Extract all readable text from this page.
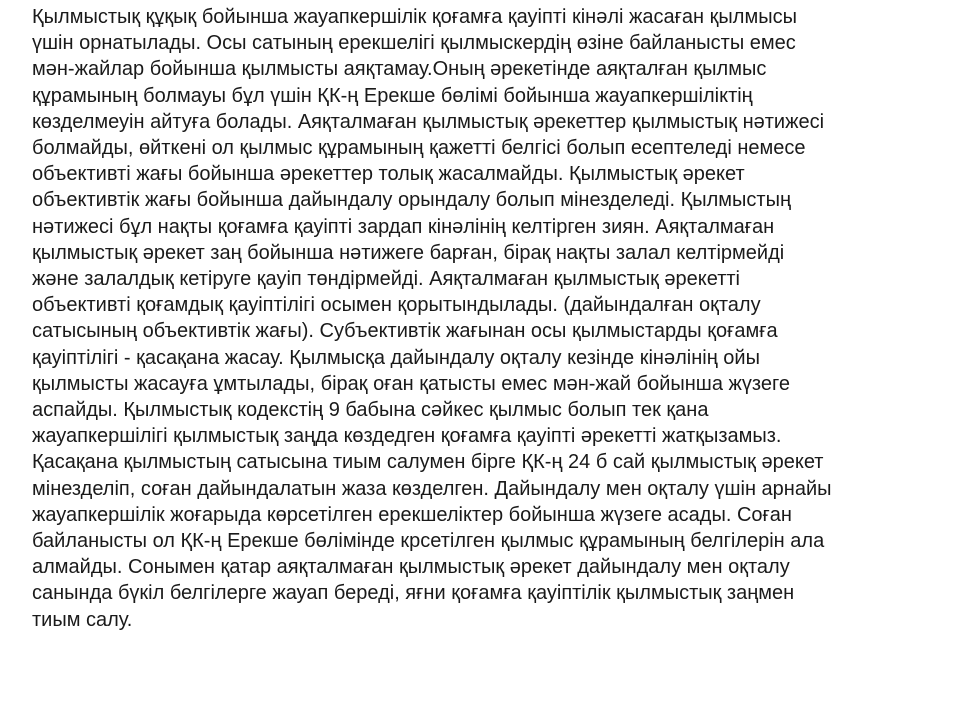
Қылмыстық құқық бойынша жауапкершілік қоғамға қауіпті кінәлі жасаған қылмысы
үшін орнатылады. Осы сатының ерекшелігі қылмыскердің өзіне байланысты емес
мән-жайлар бойынша қылмысты аяқтамау.Оның әрекетінде аяқталған қылмыс
құрамының болмауы бұл үшін ҚК-ң Ерекше бөлімі бойынша жауапкершіліктің
көзделмеуін айтуға болады. Аяқталмаған қылмыстық әрекеттер қылмыстық нәтижесі
болмайды, өйткені ол қылмыс құрамының қажетті белгісі болып есептеледі немесе
объективті жағы бойынша әрекеттер толық жасалмайды. Қылмыстық әрекет
объективтік жағы бойынша дайындалу орындалу болып мінезделеді. Қылмыстың
нәтижесі бұл нақты қоғамға қауіпті зардап кінәлінің келтірген зиян. Аяқталмаған
қылмыстық әрекет заң бойынша нәтижеге барған, бірақ нақты залал келтірмейді
және залалдық кетіруге қауіп төндірмейді. Аяқталмаған қылмыстық әрекетті
объективті қоғамдық қауіптілігі осымен қорытындылады. (дайындалған оқталу
сатысының объективтік жағы). Субъективтік жағынан осы қылмыстарды қоғамға
қауіптілігі - қасақана жасау. Қылмысқа дайындалу оқталу кезінде кінәлінің ойы
қылмысты жасауға ұмтылады, бірақ оған қатысты емес мән-жай бойынша жүзеге
аспайды. Қылмыстық кодекстің 9 бабына сәйкес қылмыс болып тек қана
жауапкершілігі қылмыстық заңда көздедген қоғамға қауіпті әрекетті жатқызамыз.
Қасақана қылмыстың сатысына тиым салумен бірге ҚК-ң 24 б сай қылмыстық әрекет
мінезделіп, соған дайындалатын жаза көзделген. Дайындалу мен оқталу үшін арнайы
жауапкершілік жоғарыда көрсетілген ерекшеліктер бойынша жүзеге асады. Соған
байланысты ол ҚК-ң Ерекше бөлімінде крсетілген қылмыс құрамының белгілерін ала
алмайды. Сонымен қатар аяқталмаған қылмыстық әрекет дайындалу мен оқталу
санында бүкіл белгілерге жауап береді, яғни қоғамға қауіптілік қылмыстық заңмен
тиым салу.
